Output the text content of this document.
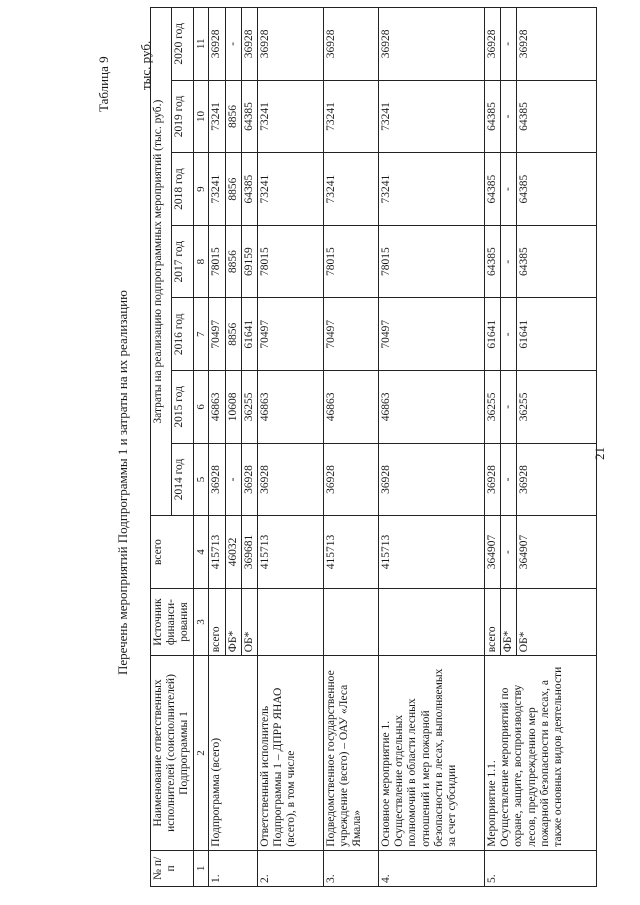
21
Таблица 9
Перечень мероприятий Подпрограммы 1 и затраты на их реализацию
тыс. руб.
№ п/п	Наименование ответственных исполнителей (соисполнителей) Подпрограммы 1	Источник финанси-рования	всего	Затраты на реализацию подпрограммных мероприятий (тыс. руб.)						
				2014 год	2015 год	2016 год	2017 год	2018 год	2019 год	2020 год
1	2	3	4	5	6	7	8	9	10	11
1.	Подпрограмма (всего)	всего	415713	36928	46863	70497	78015	73241	73241	36928
		ФБ*	46032	-	10608	8856	8856	8856	8856	-
		ОБ*	369681	36928	36255	61641	69159	64385	64385	36928
2.	Ответственный исполнитель Подпрограммы 1 – ДПРР ЯНАО (всего), в том числе		415713	36928	46863	70497	78015	73241	73241	36928
3.	Подведомственное государственное учреждение (всего) – ОАУ «Леса Ямала»		415713	36928	46863	70497	78015	73241	73241	36928
4.	Основное мероприятие 1. Осуществление отдельных полномочий в области лесных отношений и мер пожарной безопасности в лесах, выполняемых за счет субсидии		415713	36928	46863	70497	78015	73241	73241	36928
5.	Мероприятие 1.1. Осуществление мероприятий по охране, защите, воспроизводству лесов, предупреждению мер пожарной безопасности в лесах, а также основных видов деятельности	всего	364907	36928	36255	61641	64385	64385	64385	36928
		ФБ*	-	-	-	-	-	-	-	-
		ОБ*	364907	36928	36255	61641	64385	64385	64385	36928
